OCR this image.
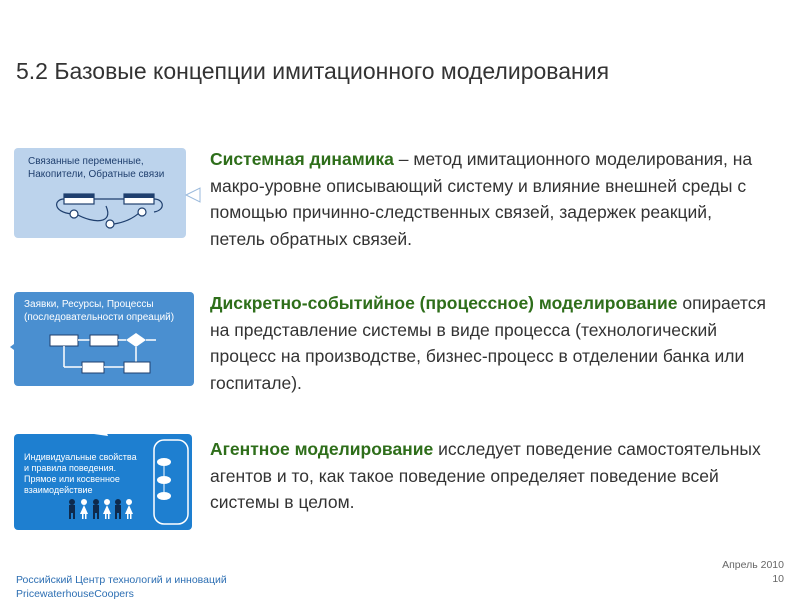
5.2 Базовые концепции имитационного моделирования
Связанные переменные,
Накопители, Обратные связи
Заявки, Ресурсы, Процессы
(последовательности опреаций)
Индивидуальные свойства
и правила поведения.
Прямое или косвенное
взаимодействие
Системная динамика – метод имитационного моделирования, на макро-уровне описывающий систему и влияние внешней среды с помощью причинно-следственных связей, задержек реакций, петель обратных связей.
Дискретно-событийное (процессное) моделирование опирается на представление системы в виде процесса (технологический процесс на производстве, бизнес-процесс в отделении банка или госпитале).
Агентное моделирование исследует поведение самостоятельных агентов и то, как такое поведение определяет поведение всей системы в целом.
Российский Центр технологий и инноваций
PricewaterhouseCoopers
Апрель 2010
10
